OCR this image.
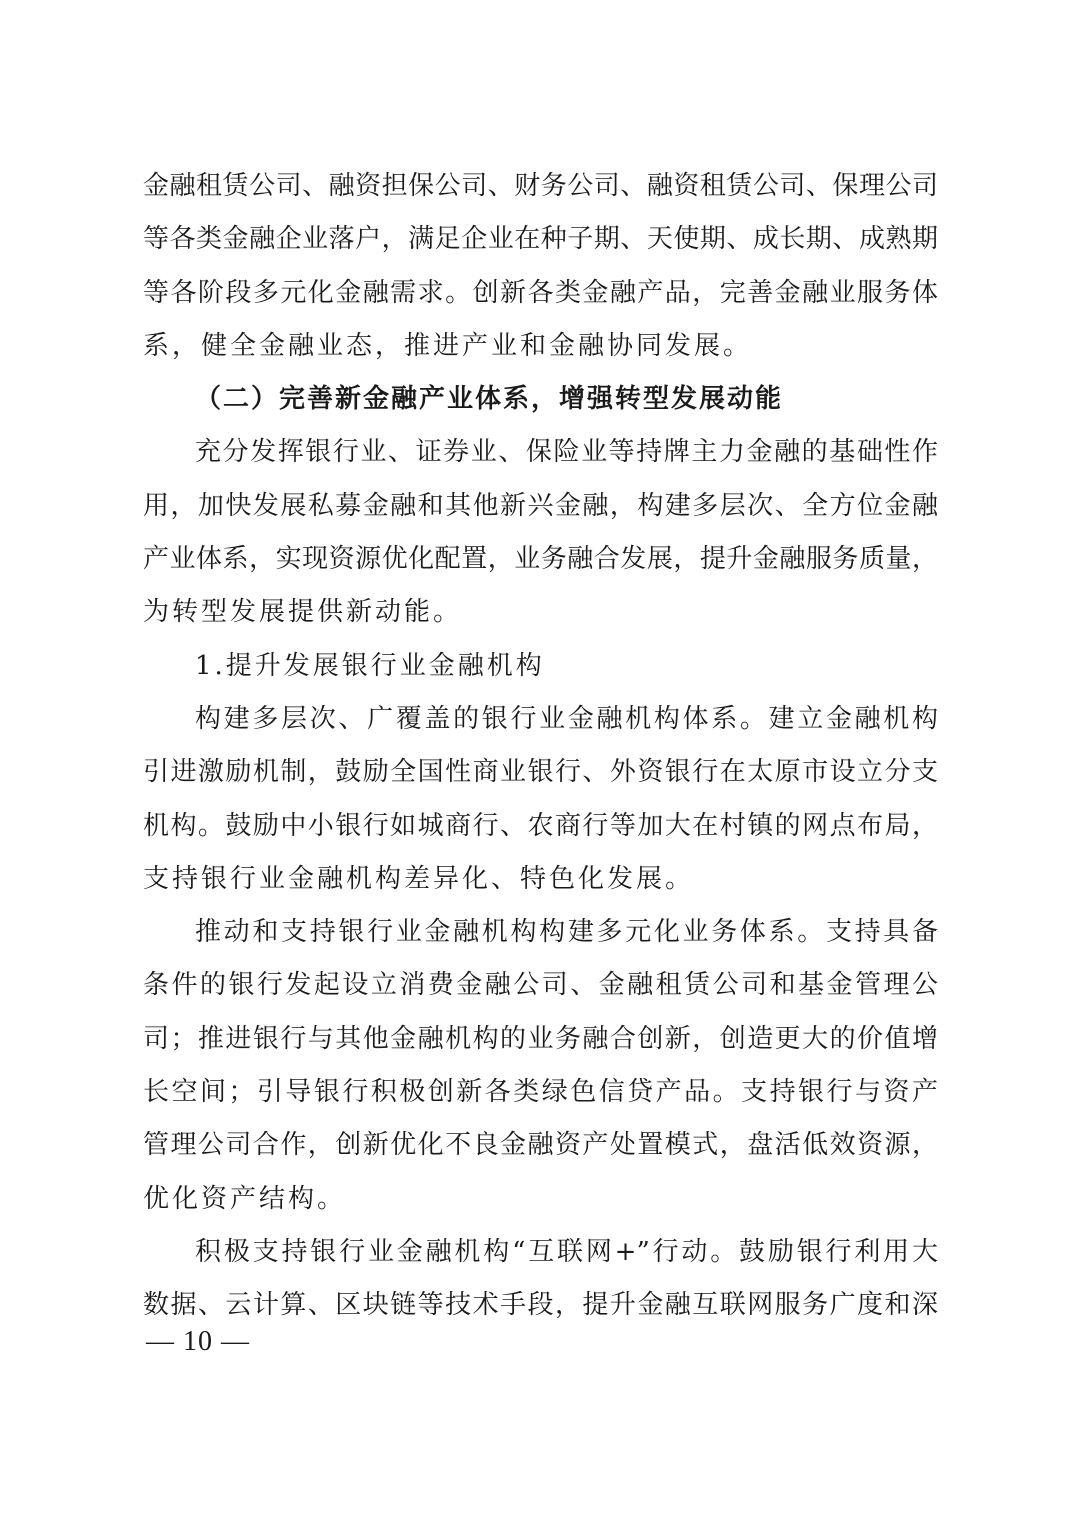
金融租赁公司、融资担保公司、财务公司、融资租赁公司、保理公司
等各类金融企业落户，满足企业在种子期、天使期、成长期、成熟期
等各阶段多元化金融需求。创新各类金融产品，完善金融业服务体
系，健全金融业态，推进产业和金融协同发展。
（二）完善新金融产业体系，增强转型发展动能
充分发挥银行业、证券业、保险业等持牌主力金融的基础性作
用，加快发展私募金融和其他新兴金融，构建多层次、全方位金融
产业体系，实现资源优化配置，业务融合发展，提升金融服务质量，
为转型发展提供新动能。
1.提升发展银行业金融机构
构建多层次、广覆盖的银行业金融机构体系。建立金融机构
引进激励机制，鼓励全国性商业银行、外资银行在太原市设立分支
机构。鼓励中小银行如城商行、农商行等加大在村镇的网点布局，
支持银行业金融机构差异化、特色化发展。
推动和支持银行业金融机构构建多元化业务体系。支持具备
条件的银行发起设立消费金融公司、金融租赁公司和基金管理公
司；推进银行与其他金融机构的业务融合创新，创造更大的价值增
长空间；引导银行积极创新各类绿色信贷产品。支持银行与资产
管理公司合作，创新优化不良金融资产处置模式，盘活低效资源，
优化资产结构。
积极支持银行业金融机构“互联网+”行动。鼓励银行利用大
数据、云计算、区块链等技术手段，提升金融互联网服务广度和深
— 10 —
